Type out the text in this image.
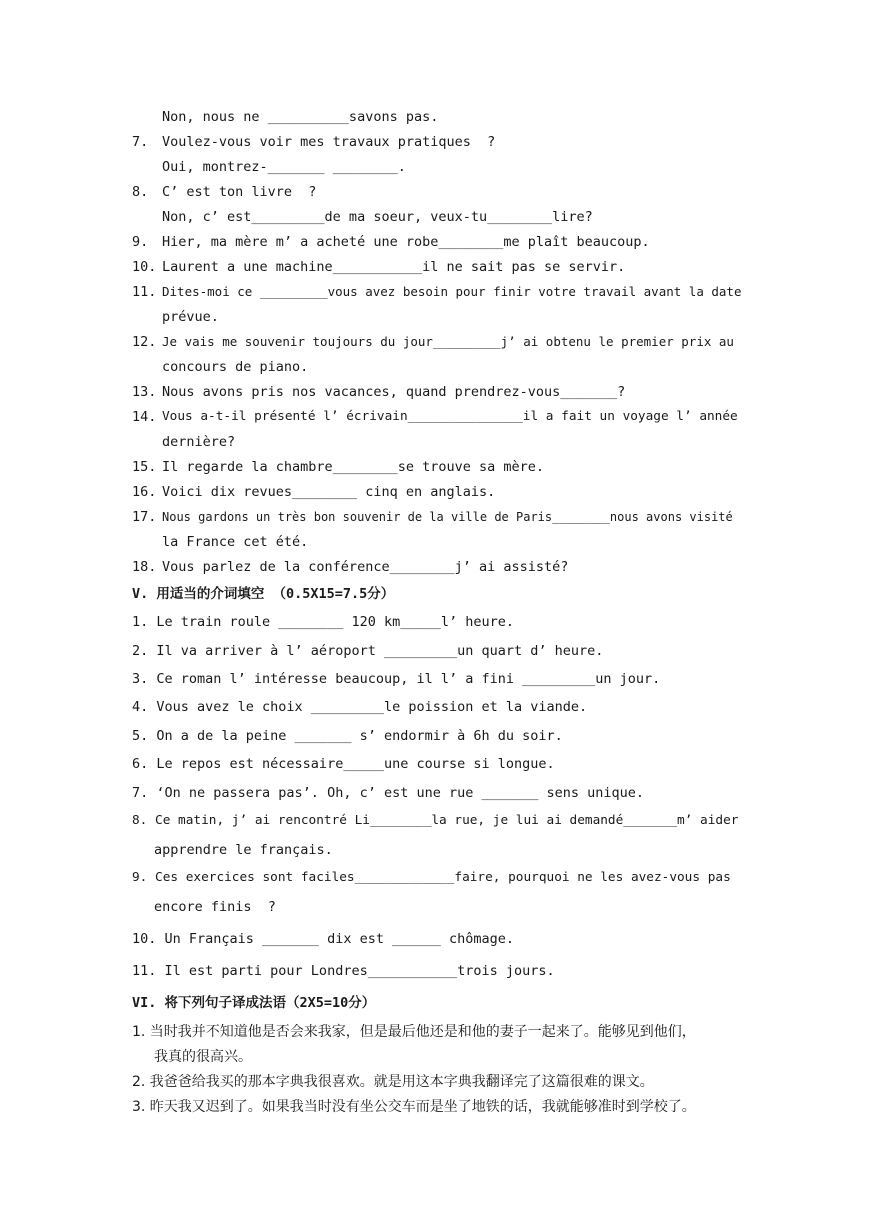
Non, nous ne __________savons pas.
7. Voulez-vous voir mes travaux pratiques  ?
Oui, montrez-_______ ________.
8. C’ est ton livre  ?
Non, c’ est_________de ma soeur, veux-tu________lire?
9. Hier, ma mère m’ a acheté une robe________me plaît beaucoup.
10. Laurent a une machine___________il ne sait pas se servir.
11. Dites-moi ce _________vous avez besoin pour finir votre travail avant la date
prévue.
12. Je vais me souvenir toujours du jour_________j’ ai obtenu le premier prix au
concours de piano.
13. Nous avons pris nos vacances, quand prendrez-vous_______?
14. Vous a-t-il présenté l’ écrivain_______________il a fait un voyage l’ année
dernière?
15. Il regarde la chambre________se trouve sa mère.
16. Voici dix revues________ cinq en anglais.
17. Nous gardons un très bon souvenir de la ville de Paris________nous avons visité
la France cet été.
18. Vous parlez de la conférence________j’ ai assisté?
V. 用适当的介词填空 （0.5X15=7.5分）
1. Le train roule ________ 120 km_____l’ heure.
2. Il va arriver à l’ aéroport _________un quart d’ heure.
3. Ce roman l’ intéresse beaucoup, il l’ a fini _________un jour.
4. Vous avez le choix _________le poission et la viande.
5. On a de la peine _______ s’ endormir à 6h du soir.
6. Le repos est nécessaire_____une course si longue.
7. ‘On ne passera pas’. Oh, c’ est une rue _______ sens unique.
8. Ce matin, j’ ai rencontré Li________la rue, je lui ai demandé_______m’ aider
apprendre le français.
9. Ces exercices sont faciles_____________faire, pourquoi ne les avez-vous pas
encore finis  ?
10. Un Français _______ dix est ______ chômage.
11. Il est parti pour Londres___________trois jours.
VI. 将下列句子译成法语（2X5=10分）
1. 当时我并不知道他是否会来我家，但是最后他还是和他的妻子一起来了。能够见到他们，
我真的很高兴。
2. 我爸爸给我买的那本字典我很喜欢。就是用这本字典我翻译完了这篇很难的课文。
3. 昨天我又迟到了。如果我当时没有坐公交车而是坐了地铁的话，我就能够准时到学校了。
